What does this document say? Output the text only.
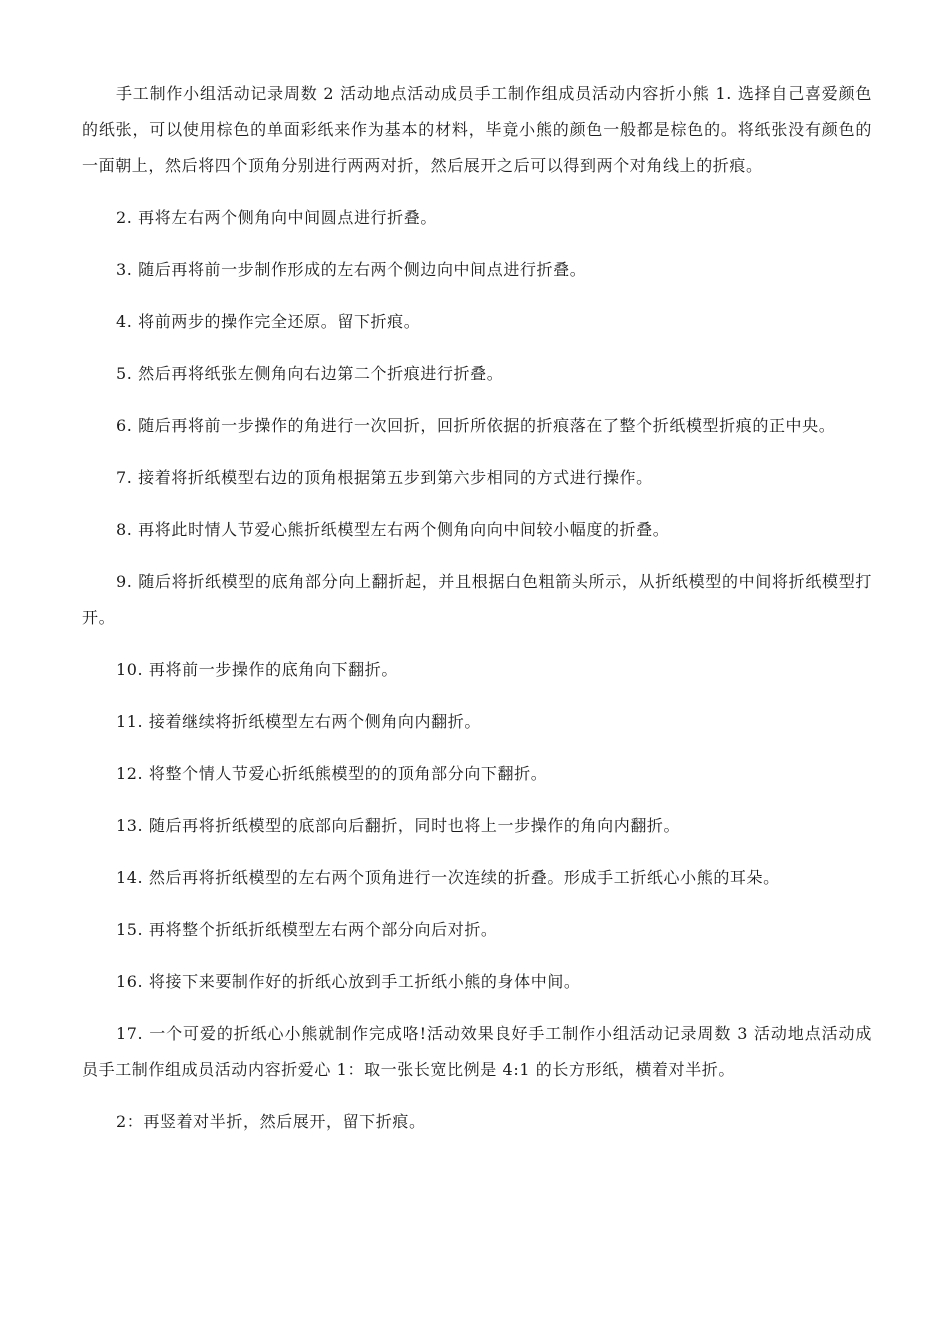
手工制作小组活动记录周数 2 活动地点活动成员手工制作组成员活动内容折小熊 1. 选择自己喜爱颜色的纸张，可以使用棕色的单面彩纸来作为基本的材料，毕竟小熊的颜色一般都是棕色的。将纸张没有颜色的一面朝上，然后将四个顶角分别进行两两对折，然后展开之后可以得到两个对角线上的折痕。

2. 再将左右两个侧角向中间圆点进行折叠。

3. 随后再将前一步制作形成的左右两个侧边向中间点进行折叠。

4. 将前两步的操作完全还原。留下折痕。

5. 然后再将纸张左侧角向右边第二个折痕进行折叠。

6. 随后再将前一步操作的角进行一次回折，回折所依据的折痕落在了整个折纸模型折痕的正中央。

7. 接着将折纸模型右边的顶角根据第五步到第六步相同的方式进行操作。

8. 再将此时情人节爱心熊折纸模型左右两个侧角向向中间较小幅度的折叠。

9. 随后将折纸模型的底角部分向上翻折起，并且根据白色粗箭头所示，从折纸模型的中间将折纸模型打开。

10. 再将前一步操作的底角向下翻折。

11. 接着继续将折纸模型左右两个侧角向内翻折。

12. 将整个情人节爱心折纸熊模型的的顶角部分向下翻折。

13. 随后再将折纸模型的底部向后翻折，同时也将上一步操作的角向内翻折。

14. 然后再将折纸模型的左右两个顶角进行一次连续的折叠。形成手工折纸心小熊的耳朵。

15. 再将整个折纸折纸模型左右两个部分向后对折。

16. 将接下来要制作好的折纸心放到手工折纸小熊的身体中间。

17. 一个可爱的折纸心小熊就制作完成咯!活动效果良好手工制作小组活动记录周数 3 活动地点活动成员手工制作组成员活动内容折爱心 1：取一张长宽比例是 4:1 的长方形纸，横着对半折。

2：再竖着对半折，然后展开，留下折痕。
